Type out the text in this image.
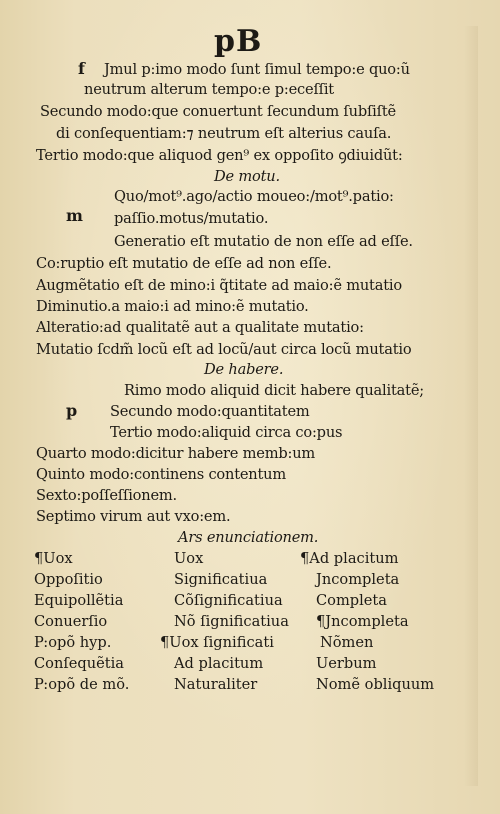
pB
f
m
p
Jmul p:imo modo ſunt ſimul tempo:e quo:ũ
neutrum alterum tempo:e p:eceſſit
Secundo modo:que conuertunt ſecundum ſubſiſtẽ
di conſequentiam:⁊ neutrum eſt alterius cauſa.
Tertio modo:que aliquod gen⁹ ex oppoſito ꝯdiuidũt:
De motu.
Quo/mot⁹.ago/actio moueo:/mot⁹.patio:
paſſio.motus/mutatio.
Generatio eſt mutatio de non eſſe ad eſſe.
Co:ruptio eſt mutatio de eſſe ad non eſſe.
Augmẽtatio eſt de mino:i q̃titate ad maio:ẽ mutatio
Diminutio.a maio:i ad mino:ẽ mutatio.
Alteratio:ad qualitatẽ aut a qualitate mutatio:
Mutatio ſcdm̃ locũ eſt ad locũ/aut circa locũ mutatio
De habere.
Rimo modo aliquid dicit habere qualitatẽ;
Secundo modo:quantitatem
Tertio modo:aliquid circa co:pus
Quarto modo:dicitur habere memb:um
Quinto modo:continens contentum
Sexto:poſſeſſionem.
Septimo virum aut vxo:em.
Ars enunciationem.
¶Uox
Oppoſitio
Equipollẽtia
Conuerſio
P:opõ hyp.
Conſequẽtia
P:opõ de mõ.
Uox
Significatiua
Cõſignificatiua
Nõ ſignificatiua
¶Uox ſignificati
Ad placitum
Naturaliter
¶Ad placitum
Jncompleta
Completa
¶Jncompleta
Nõmen
Uerbum
Nomẽ obliquum
